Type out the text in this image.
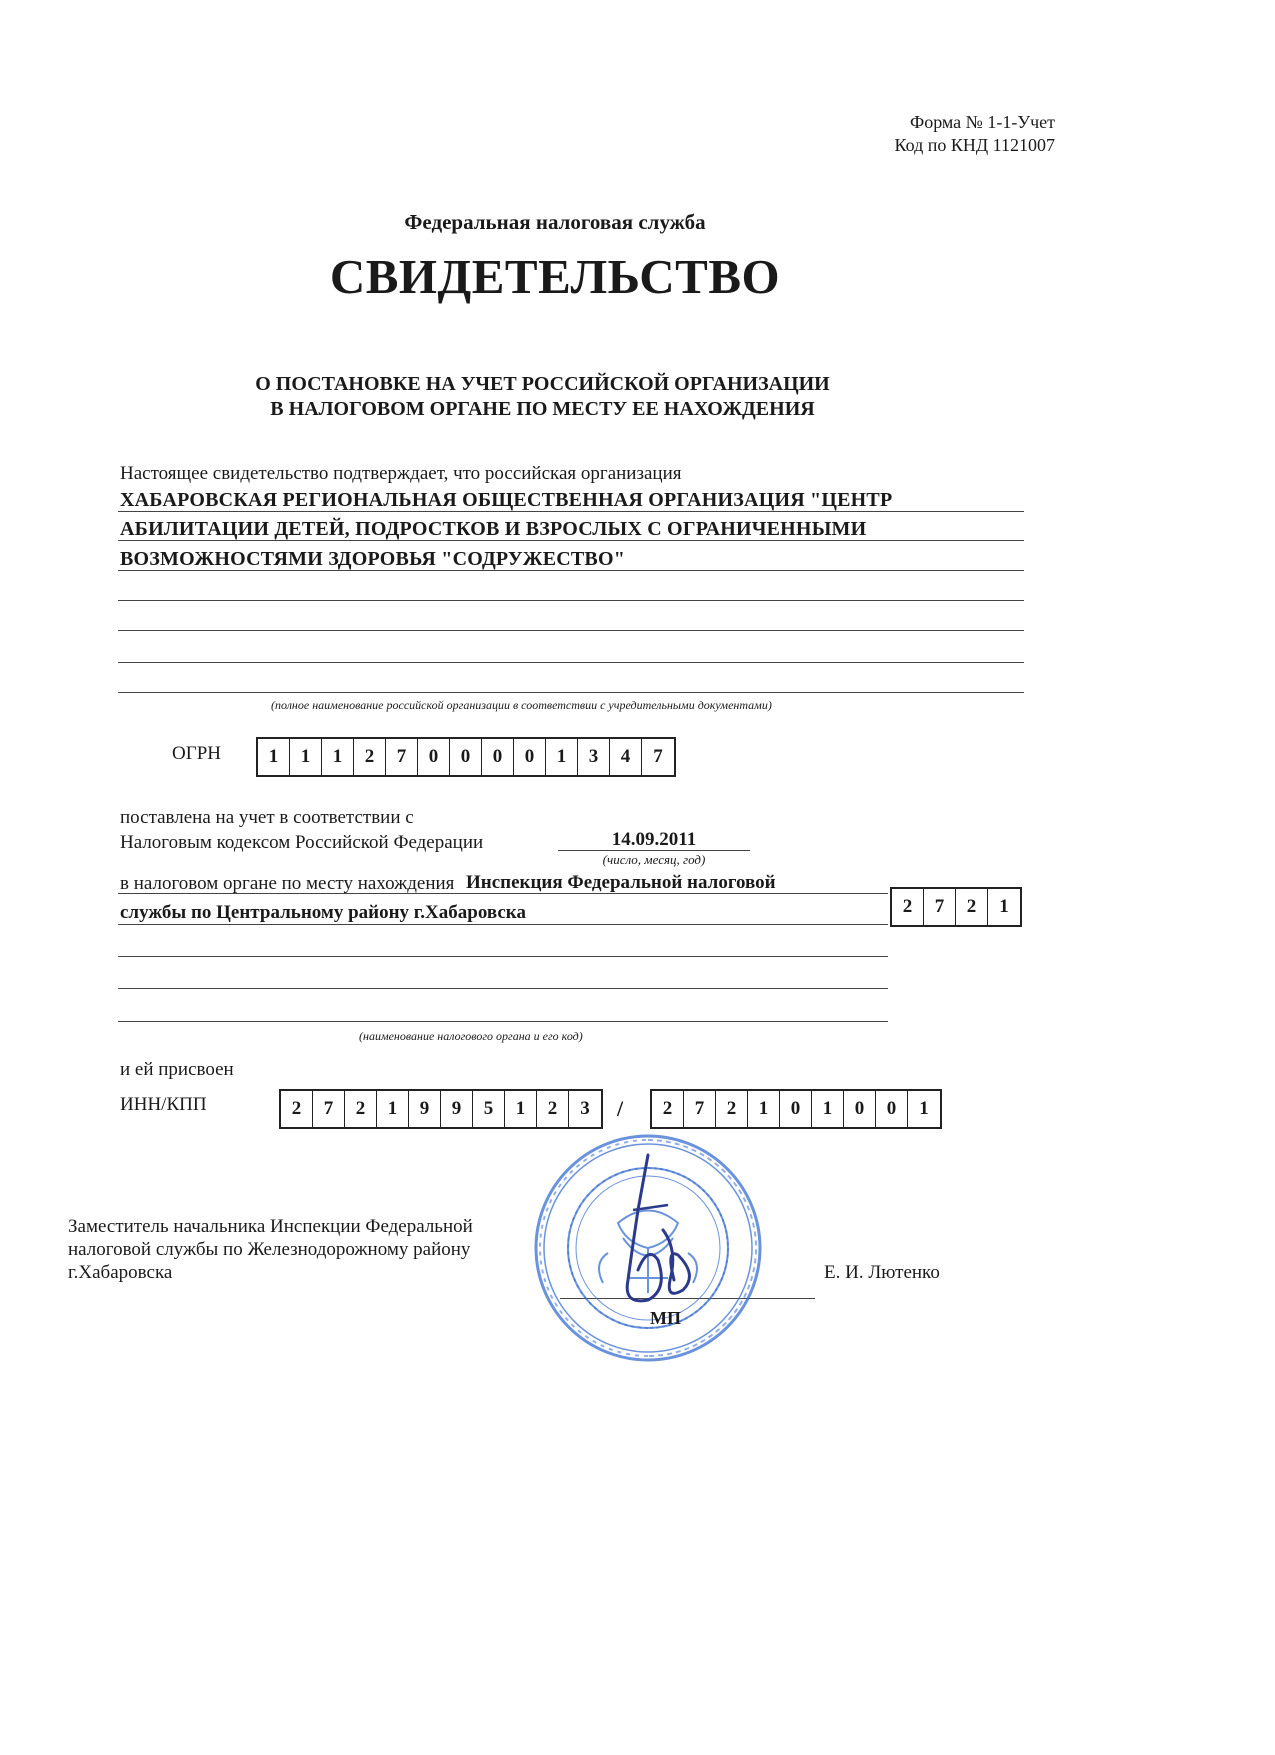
Форма № 1-1-Учет
Код по КНД 1121007
Федеральная налоговая служба
СВИДЕТЕЛЬСТВО
О ПОСТАНОВКЕ НА УЧЕТ РОССИЙСКОЙ ОРГАНИЗАЦИИ
В НАЛОГОВОМ ОРГАНЕ ПО МЕСТУ ЕЕ НАХОЖДЕНИЯ
Настоящее свидетельство подтверждает, что российская организация
ХАБАРОВСКАЯ РЕГИОНАЛЬНАЯ ОБЩЕСТВЕННАЯ ОРГАНИЗАЦИЯ "ЦЕНТР
АБИЛИТАЦИИ ДЕТЕЙ, ПОДРОСТКОВ И ВЗРОСЛЫХ С ОГРАНИЧЕННЫМИ
ВОЗМОЖНОСТЯМИ ЗДОРОВЬЯ "СОДРУЖЕСТВО"
(полное наименование российской организации в соответствии с учредительными документами)
ОГРН	1	1	1	2	7	0	0	0	0	1	3	4	7
поставлена на учет в соответствии с
Налоговым кодексом Российской Федерации	14.09.2011
(число, месяц, год)
в налоговом органе по месту нахождения Инспекция Федеральной налоговой
службы по Центральному району г.Хабаровска	2	7	2	1
(наименование налогового органа и его код)
и ей присвоен
ИНН/КПП	2	7	2	1	9	9	5	1	2	3	/	2	7	2	1	0	1	0	0	1
Заместитель начальника Инспекции Федеральной
налоговой службы по Железнодорожному району
г.Хабаровска	Е. И. Лютенко
МП
